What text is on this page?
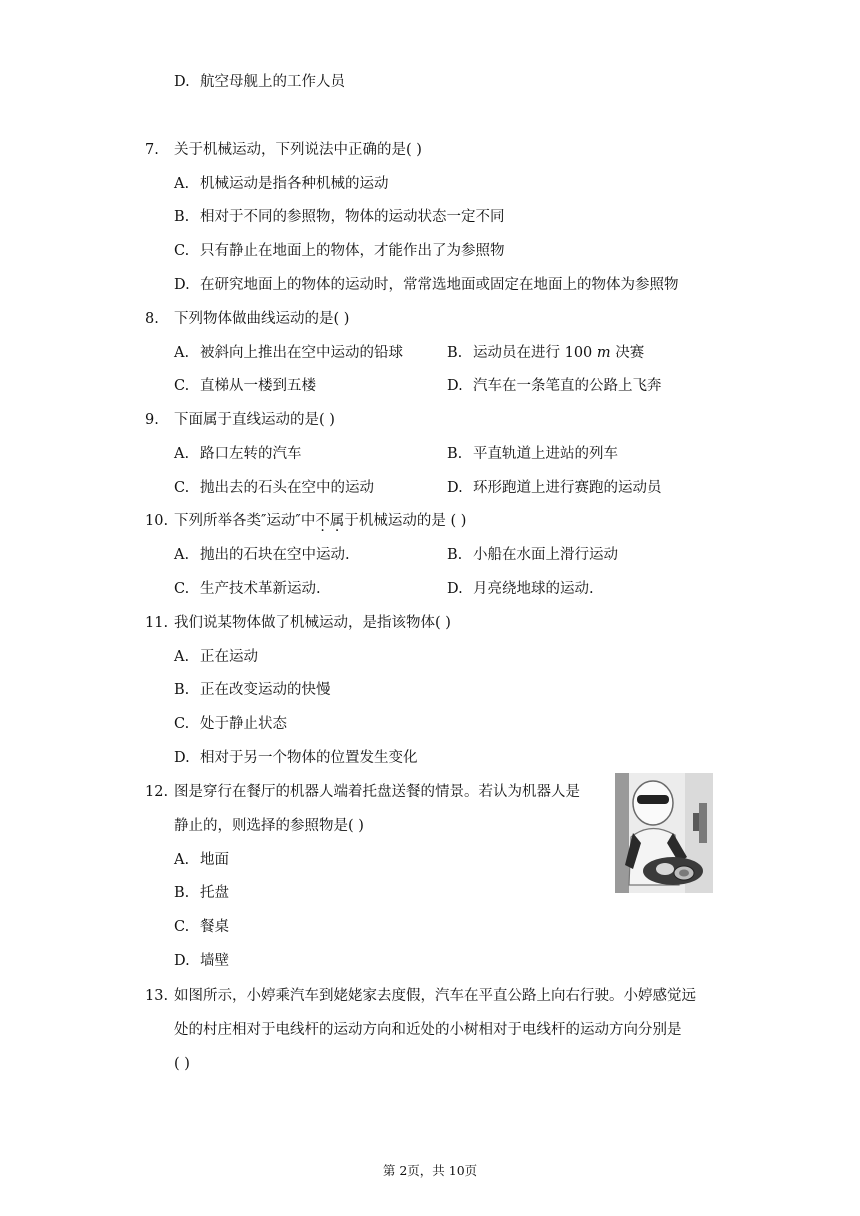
D. 航空母舰上的工作人员
7. 关于机械运动，下列说法中正确的是( )
A. 机械运动是指各种机械的运动
B. 相对于不同的参照物，物体的运动状态一定不同
C. 只有静止在地面上的物体，才能作出了为参照物
D. 在研究地面上的物体的运动时，常常选地面或固定在地面上的物体为参照物
8. 下列物体做曲线运动的是( )
A. 被斜向上推出在空中运动的铅球	B. 运动员在进行 100 m 决赛
C. 直梯从一楼到五楼	D. 汽车在一条笔直的公路上飞奔
9. 下面属于直线运动的是( )
A. 路口左转的汽车	B. 平直轨道上进站的列车
C. 抛出去的石头在空中的运动	D. 环形跑道上进行赛跑的运动员
10. 下列所举各类″运动″中不属于机械运动的是 ( )
A. 抛出的石块在空中运动.	B. 小船在水面上滑行运动
C. 生产技术革新运动.	D. 月亮绕地球的运动.
11. 我们说某物体做了机械运动，是指该物体( )
A. 正在运动
B. 正在改变运动的快慢
C. 处于静止状态
D. 相对于另一个物体的位置发生变化
12. 图是穿行在餐厅的机器人端着托盘送餐的情景。若认为机器人是
静止的，则选择的参照物是( )
A. 地面
B. 托盘
C. 餐桌
D. 墙壁
13. 如图所示，小婷乘汽车到姥姥家去度假，汽车在平直公路上向右行驶。小婷感觉远
处的村庄相对于电线杆的运动方向和近处的小树相对于电线杆的运动方向分别是
( )
第 2页，共 10页
